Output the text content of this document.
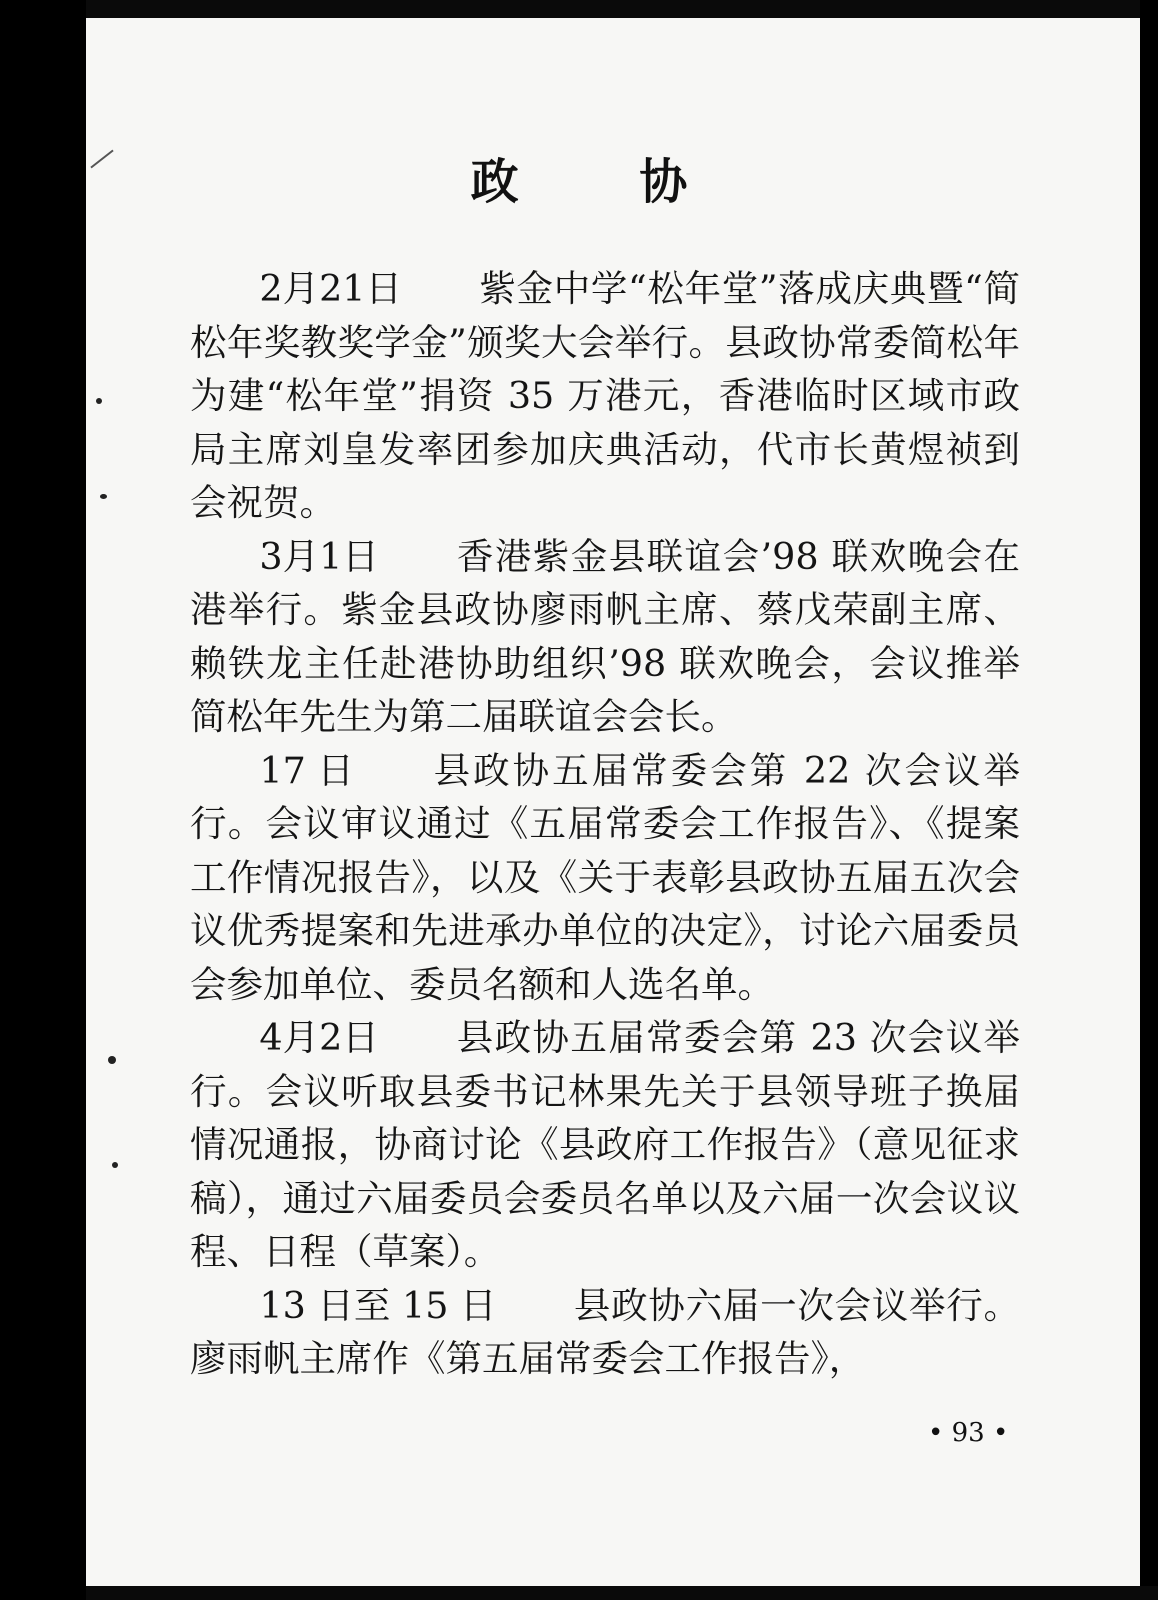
政 协

2月21日 紫金中学“松年堂”落成庆典暨“简松年奖教奖学金”颁奖大会举行。县政协常委简松年为建“松年堂”捐资 35 万港元，香港临时区域市政局主席刘皇发率团参加庆典活动，代市长黄煜祯到会祝贺。

3月1日 香港紫金县联谊会’98 联欢晚会在港举行。紫金县政协廖雨帆主席、蔡戊荣副主席、赖铁龙主任赴港协助组织’98 联欢晚会，会议推举简松年先生为第二届联谊会会长。

17 日 县政协五届常委会第 22 次会议举行。会议审议通过《五届常委会工作报告》、《提案工作情况报告》，以及《关于表彰县政协五届五次会议优秀提案和先进承办单位的决定》，讨论六届委员会参加单位、委员名额和人选名单。

4月2日 县政协五届常委会第 23 次会议举行。会议听取县委书记林果先关于县领导班子换届情况通报，协商讨论《县政府工作报告》（意见征求稿），通过六届委员会委员名单以及六届一次会议议程、日程（草案）。

13 日至 15 日 县政协六届一次会议举行。廖雨帆主席作《第五届常委会工作报告》，

• 93 •
